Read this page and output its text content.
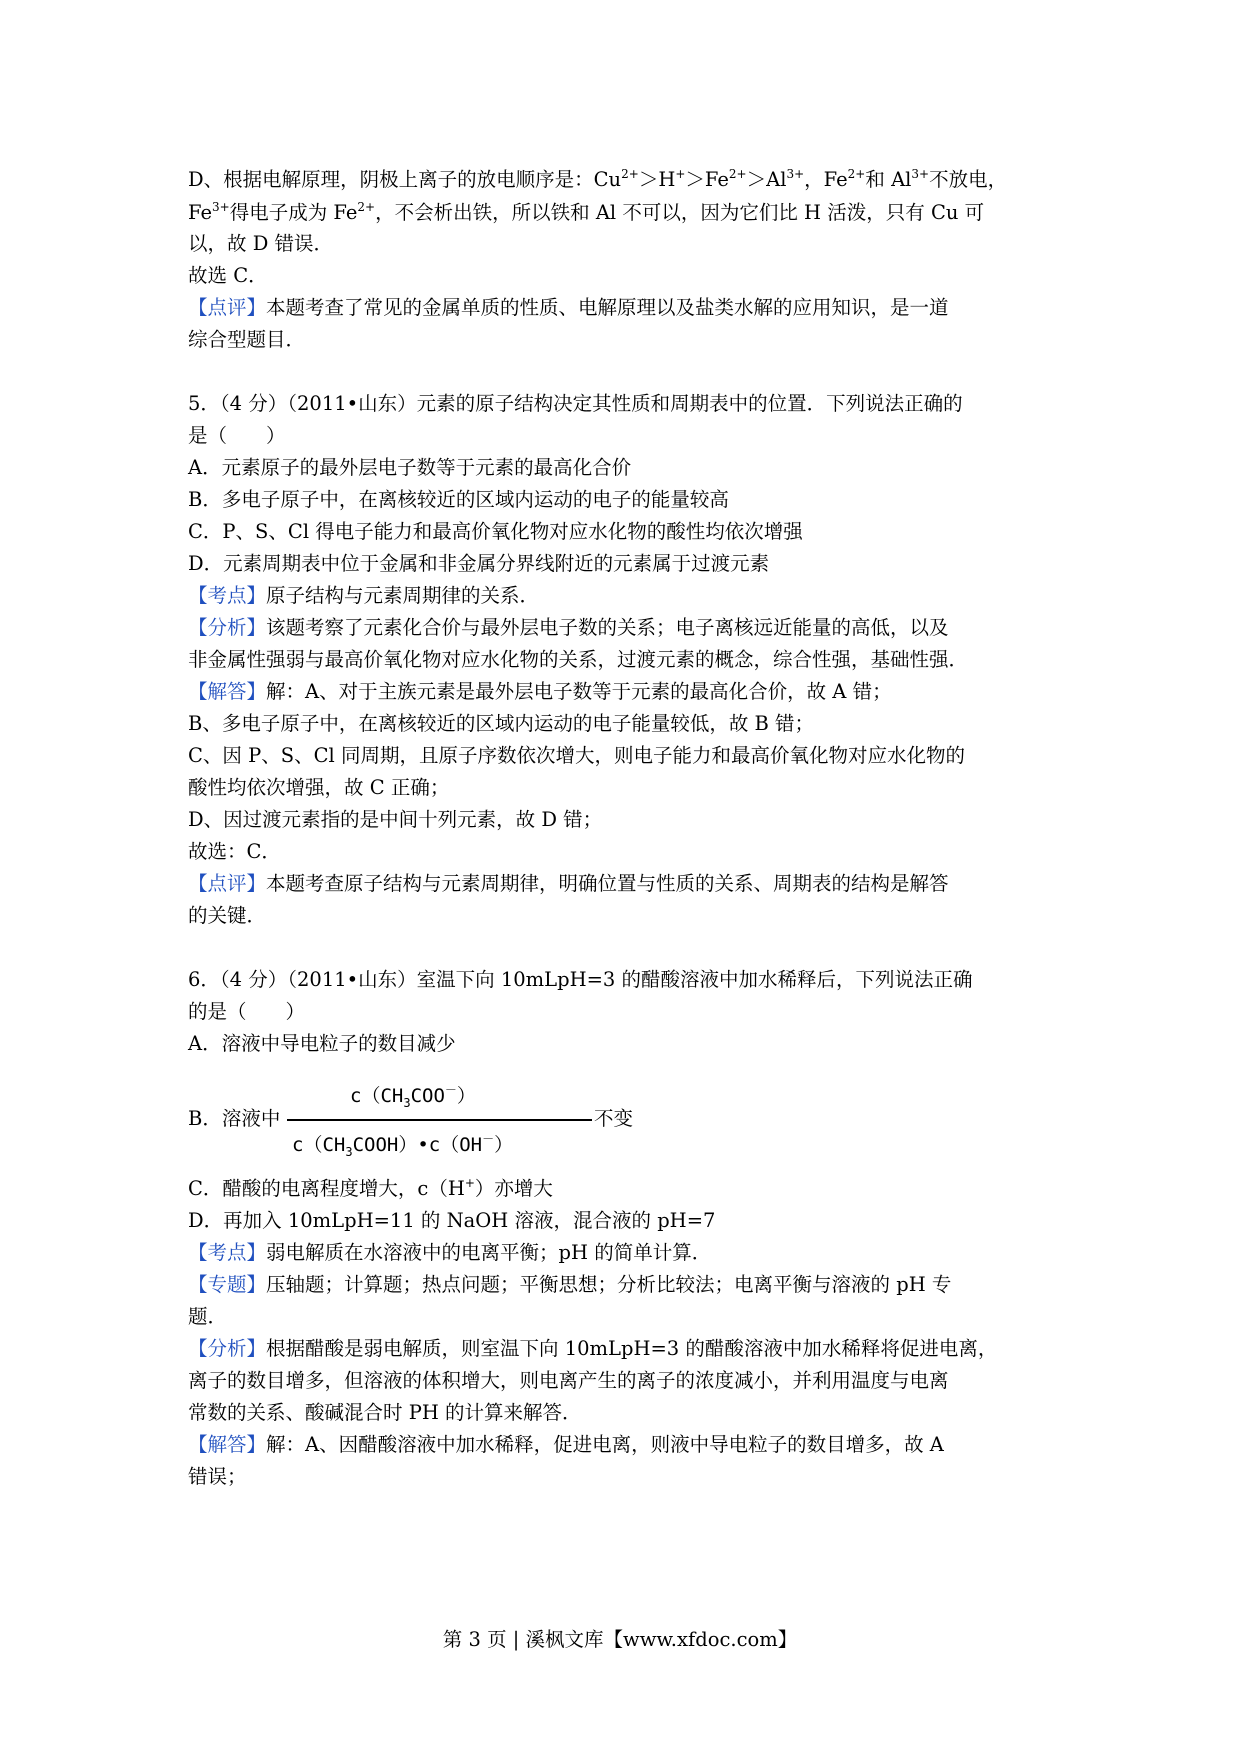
D、根据电解原理，阴极上离子的放电顺序是：$Cu^{2+}>H^+>Fe^{2+}>Al^{3+}$，$Fe^{2+}$和 $Al^{3+}$不放电，
$Fe^{3+}$得电子成为 $Fe^{2+}$，不会析出铁，所以铁和 Al 不可以，因为它们比 H 活泼，只有 Cu 可
以，故 D 错误．
故选 C．
【点评】本题考查了常见的金属单质的性质、电解原理以及盐类水解的应用知识，是一道
综合型题目．
5．（4 分）（2011•山东）元素的原子结构决定其性质和周期表中的位置．下列说法正确的
是（　　）
A．元素原子的最外层电子数等于元素的最高化合价
B．多电子原子中，在离核较近的区域内运动的电子的能量较高
C．P、S、Cl 得电子能力和最高价氧化物对应水化物的酸性均依次增强
D．元素周期表中位于金属和非金属分界线附近的元素属于过渡元素
【考点】原子结构与元素周期律的关系．
【分析】该题考察了元素化合价与最外层电子数的关系；电子离核远近能量的高低，以及
非金属性强弱与最高价氧化物对应水化物的关系，过渡元素的概念，综合性强，基础性强．
【解答】解：A、对于主族元素是最外层电子数等于元素的最高化合价，故 A 错；
B、多电子原子中，在离核较近的区域内运动的电子能量较低，故 B 错；
C、因 P、S、Cl 同周期，且原子序数依次增大，则电子能力和最高价氧化物对应水化物的
酸性均依次增强，故 C 正确；
D、因过渡元素指的是中间十列元素，故 D 错；
故选：C．
【点评】本题考查原子结构与元素周期律，明确位置与性质的关系、周期表的结构是解答
的关键．
6．（4 分）（2011•山东）室温下向 10mLpH=3 的醋酸溶液中加水稀释后，下列说法正确
的是（　　）
A．溶液中导电粒子的数目减少
B．溶液中
$c(CH_3COO^-)$
$c(CH_3COOH)•c(OH^-)$
不变
C．醋酸的电离程度增大，c（H+）亦增大
D．再加入 10mLpH=11 的 NaOH 溶液，混合液的 pH=7
【考点】弱电解质在水溶液中的电离平衡；pH 的简单计算．
【专题】压轴题；计算题；热点问题；平衡思想；分析比较法；电离平衡与溶液的 pH 专
题．
【分析】根据醋酸是弱电解质，则室温下向 10mLpH=3 的醋酸溶液中加水稀释将促进电离，
离子的数目增多，但溶液的体积增大，则电离产生的离子的浓度减小，并利用温度与电离
常数的关系、酸碱混合时 PH 的计算来解答．
【解答】解：A、因醋酸溶液中加水稀释，促进电离，则液中导电粒子的数目增多，故 A
错误；
第 3 页 | 溪枫文库【www.xfdoc.com】
